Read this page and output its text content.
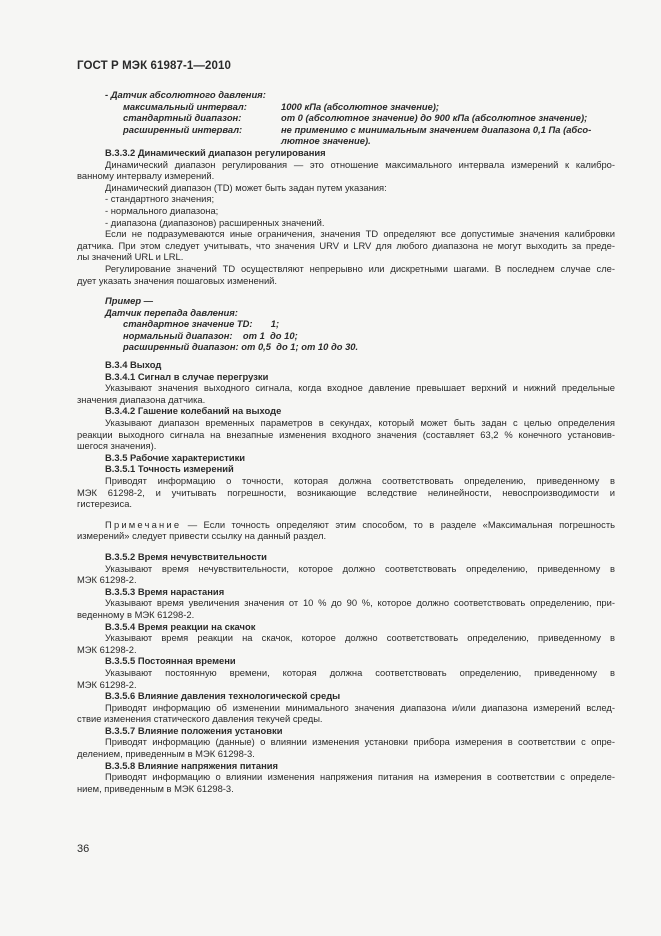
ГОСТ Р МЭК 61987-1—2010

- Датчик абсолютного давления:

максимальный интервал:	1000 кПа (абсолютное значение);
стандартный диапазон:	от 0 (абсолютное значение) до 900 кПа (абсолютное значение);
расширенный интервал:	не применимо с минимальным значением диапазона 0,1 Па (абсо-

лютное значение).

В.3.3.2 Динамический диапазон регулирования

Динамический диапазон регулирования — это отношение максимального интервала измерений к калибро-

ванному интервалу измерений.

Динамический диапазон (TD) может быть задан путем указания:

- стандартного значения;

- нормального диапазона;

- диапазона (диапазонов) расширенных значений.

Если не подразумеваются иные ограничения, значения TD определяют все допустимые значения калибровки

датчика. При этом следует учитывать, что значения URV и LRV для любого диапазона не могут выходить за преде-

лы значений URL и LRL.

Регулирование значений TD осуществляют непрерывно или дискретными шагами. В последнем случае сле-

дует указать значения пошаговых изменений.

Пример —

Датчик перепада давления:

стандартное значение TD:       1;

нормальный диапазон:    от 1  до 10;

расширенный диапазон: от 0,5  до 1; от 10 до 30.

В.3.4 Выход

В.3.4.1 Сигнал в случае перегрузки

Указывают значения выходного сигнала, когда входное давление превышает верхний и нижний предельные

значения диапазона датчика.

В.3.4.2 Гашение колебаний на выходе

Указывают диапазон временных параметров в секундах, который может быть задан с целью определения

реакции выходного сигнала на внезапные изменения входного значения (составляет 63,2 % конечного установив-

шегося значения).

В.3.5 Рабочие характеристики

В.3.5.1 Точность измерений

Приводят информацию о точности, которая должна соответствовать определению, приведенному в

МЭК 61298-2, и учитывать погрешности, возникающие вследствие нелинейности, невоспроизводимости и

гистерезиса.

Примечание — Если точность определяют этим способом, то в разделе «Максимальная погрешность

измерений» следует привести ссылку на данный раздел.

В.3.5.2 Время нечувствительности

Указывают время нечувствительности, которое должно соответствовать определению, приведенному в

МЭК 61298-2.

В.3.5.3 Время нарастания

Указывают время увеличения значения от 10 % до 90 %, которое должно соответствовать определению, при-

веденному в МЭК 61298-2.

В.3.5.4 Время реакции на скачок

Указывают время реакции на скачок, которое должно соответствовать определению, приведенному в

МЭК 61298-2.

В.3.5.5 Постоянная времени

Указывают постоянную времени, которая должна соответствовать определению, приведенному в

МЭК 61298-2.

В.3.5.6 Влияние давления технологической среды

Приводят информацию об изменении минимального значения диапазона и/или диапазона измерений вслед-

ствие изменения статического давления текучей среды.

В.3.5.7 Влияние положения установки

Приводят информацию (данные) о влиянии изменения установки прибора измерения в соответствии с опре-

делением, приведенным в МЭК 61298-3.

В.3.5.8 Влияние напряжения питания

Приводят информацию о влиянии изменения напряжения питания на измерения в соответствии с определе-

нием, приведенным в МЭК 61298-3.

36
